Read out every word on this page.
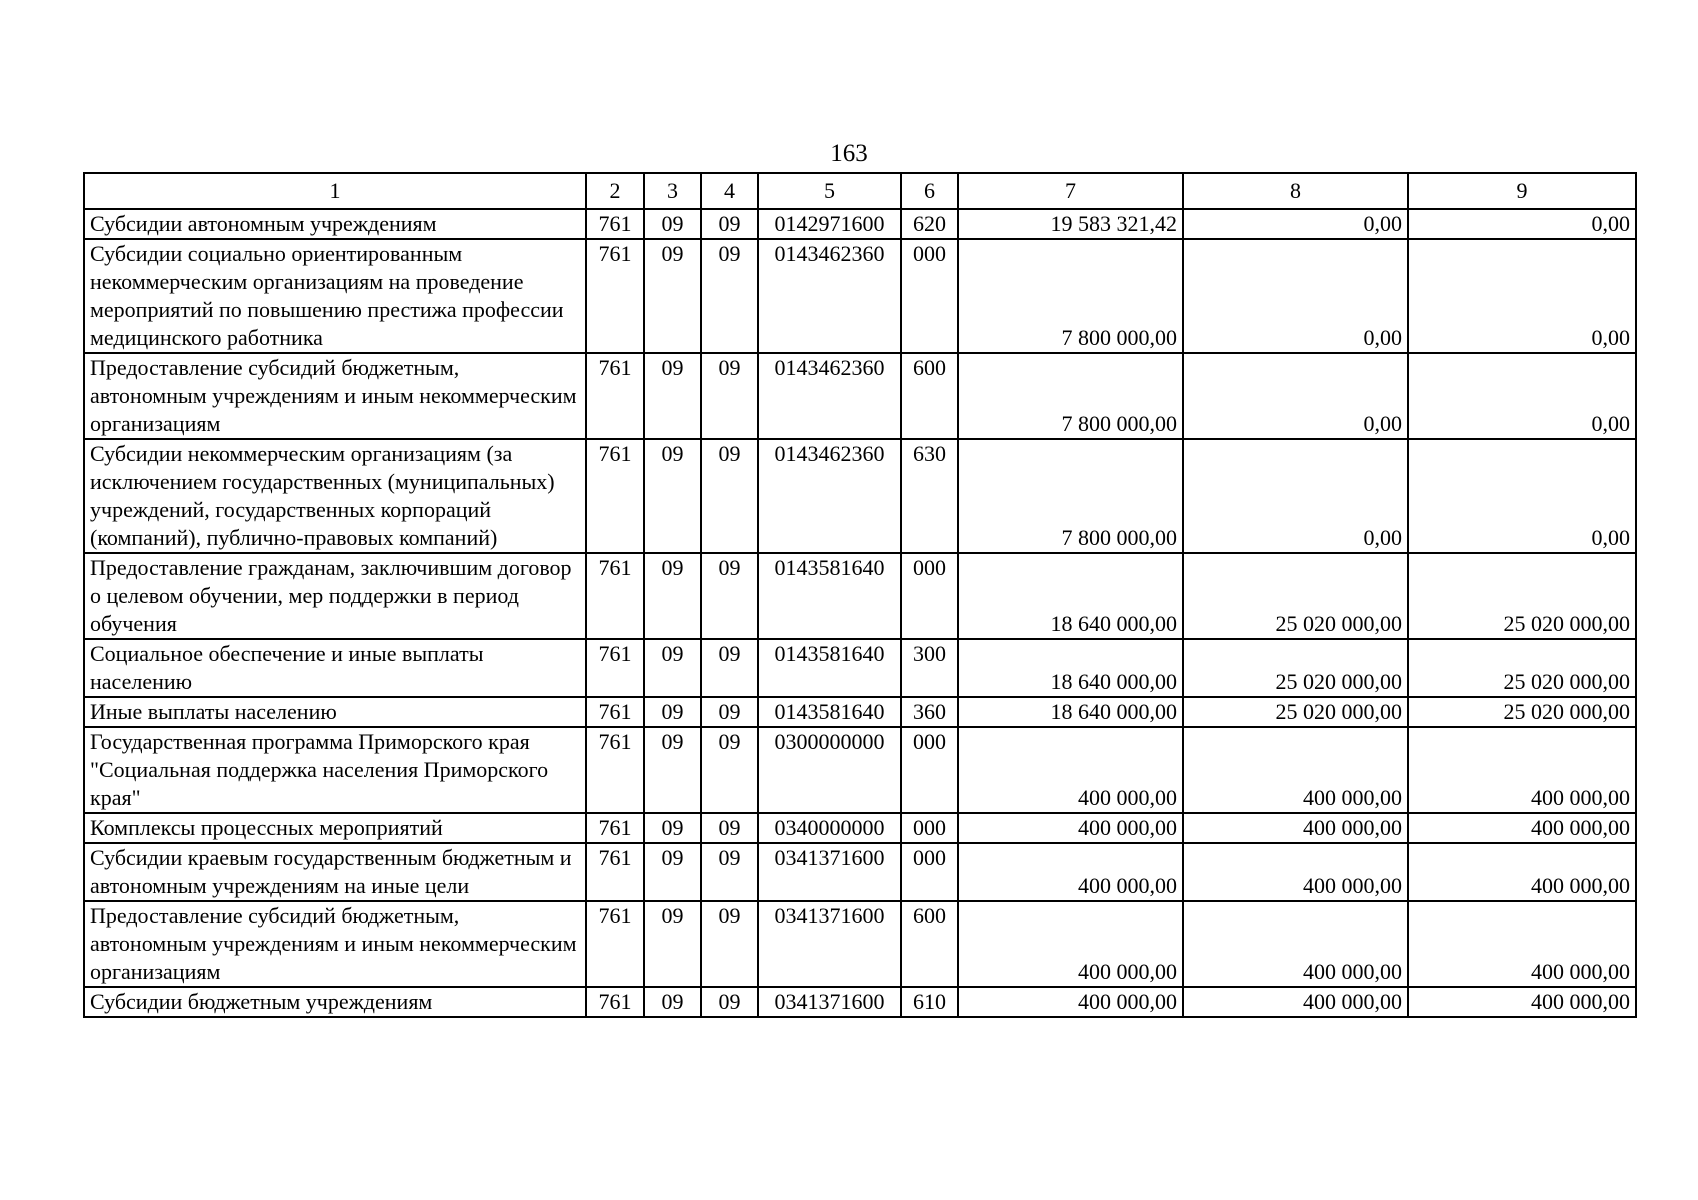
163
1	2	3	4	5	6	7	8	9
Субсидии автономным учреждениям	761	09	09	0142971600	620	19 583 321,42	0,00	0,00
Субсидии социально ориентированным некоммерческим организациям на проведение мероприятий по повышению престижа профессии медицинского работника	761	09	09	0143462360	000	7 800 000,00	0,00	0,00
Предоставление субсидий бюджетным, автономным учреждениям и иным некоммерческим организациям	761	09	09	0143462360	600	7 800 000,00	0,00	0,00
Субсидии некоммерческим организациям (за исключением государственных (муниципальных) учреждений, государственных корпораций (компаний), публично-правовых компаний)	761	09	09	0143462360	630	7 800 000,00	0,00	0,00
Предоставление гражданам, заключившим договор о целевом обучении, мер поддержки в период обучения	761	09	09	0143581640	000	18 640 000,00	25 020 000,00	25 020 000,00
Социальное обеспечение и иные выплаты населению	761	09	09	0143581640	300	18 640 000,00	25 020 000,00	25 020 000,00
Иные выплаты населению	761	09	09	0143581640	360	18 640 000,00	25 020 000,00	25 020 000,00
Государственная программа Приморского края "Социальная поддержка населения Приморского края"	761	09	09	0300000000	000	400 000,00	400 000,00	400 000,00
Комплексы процессных мероприятий	761	09	09	0340000000	000	400 000,00	400 000,00	400 000,00
Субсидии краевым государственным бюджетным и автономным учреждениям на иные цели	761	09	09	0341371600	000	400 000,00	400 000,00	400 000,00
Предоставление субсидий бюджетным, автономным учреждениям и иным некоммерческим организациям	761	09	09	0341371600	600	400 000,00	400 000,00	400 000,00
Субсидии бюджетным учреждениям	761	09	09	0341371600	610	400 000,00	400 000,00	400 000,00
